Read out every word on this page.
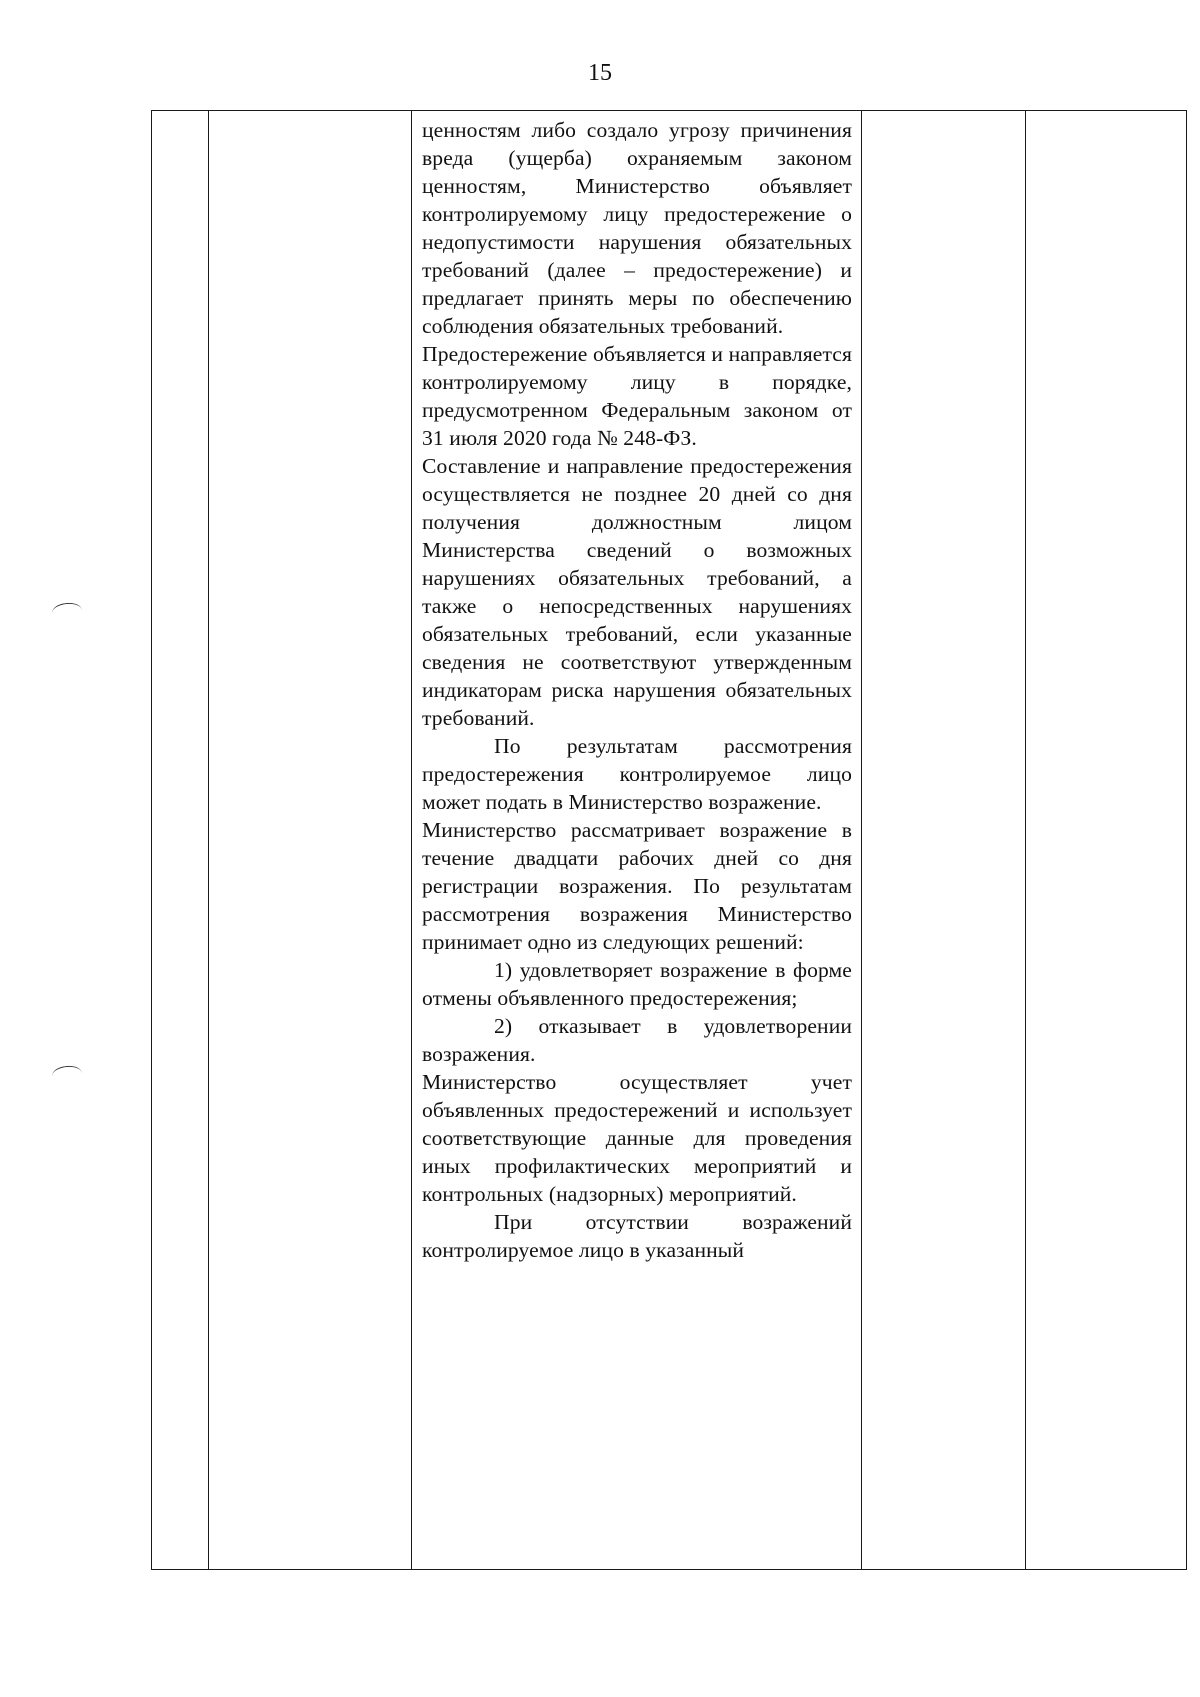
15

ценностям либо создало угрозу причинения вреда (ущерба) охраняемым законом ценностям, Министерство объявляет контролируемому лицу предостережение о недопустимости нарушения обязательных требований (далее – предостережение) и предлагает принять меры по обеспечению соблюдения обязательных требований.

Предостережение объявляется и направляется контролируемому лицу в порядке, предусмотренном Федеральным законом от 31 июля 2020 года № 248-ФЗ.

Составление и направление предостережения осуществляется не позднее 20 дней со дня получения должностным лицом Министерства сведений о возможных нарушениях обязательных требований, а также о непосредственных нарушениях обязательных требований, если указанные сведения не соответствуют утвержденным индикаторам риска нарушения обязательных требований.

По результатам рассмотрения предостережения контролируемое лицо может подать в Министерство возражение.

Министерство рассматривает возражение в течение двадцати рабочих дней со дня регистрации возражения. По результатам рассмотрения возражения Министерство принимает одно из следующих решений:

1) удовлетворяет возражение в форме отмены объявленного предостережения;

2) отказывает в удовлетворении возражения.

Министерство осуществляет учет объявленных предостережений и использует соответствующие данные для проведения иных профилактических мероприятий и контрольных (надзорных) мероприятий.

При отсутствии возражений контролируемое лицо в указанный
